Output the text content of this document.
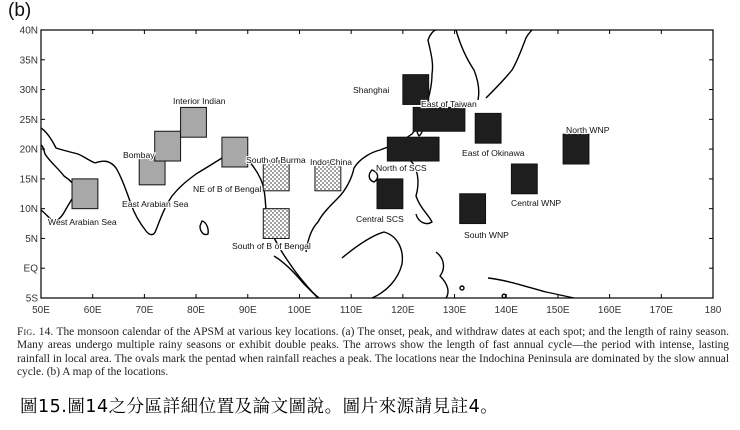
(b)
50E	60E	70E	80E	90E	100E	110E	120E	130E	140E	150E	160E	170E	180
40N
35N
30N
25N
20N
15N
10N
5N
EQ
5S
West Arabian Sea
East Arabian Sea
Bombay
Interior Indian
NE of B of Bengal
South of Burma Indo-China
South of B of Bengal
Shanghai
East of Taiwan
East of Okinawa
North of SCS
Central SCS
South WNP
Central WNP
North WNP
Fig. 14. The monsoon calendar of the APSM at various key locations. (a) The onset, peak, and withdraw dates at each spot; and the length of rainy season. Many areas undergo multiple rainy seasons or exhibit double peaks. The arrows show the length of fast annual cycle—the period with intense, lasting rainfall in local area. The ovals mark the pentad when rainfall reaches a peak. The locations near the Indochina Peninsula are dominated by the slow annual cycle. (b) A map of the locations.
圖15.圖14之分區詳細位置及論文圖說。圖片來源請見註4。
